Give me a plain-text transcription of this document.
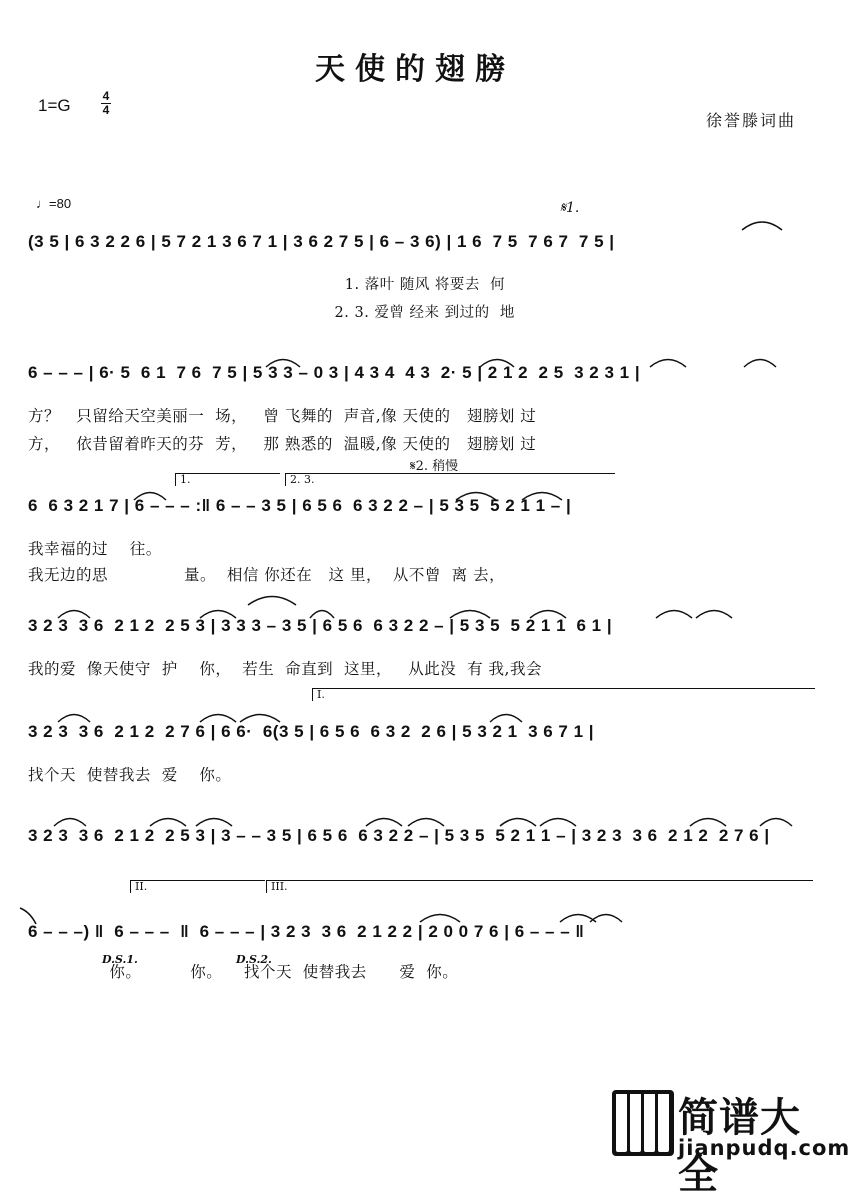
天使的翅膀
1=G	4
4
徐誉滕词曲
♩=80	𝄋1.
𝄋2. 稍慢
(3 5 | 6 3 2 2 6 | 5 7 2 1 3 6 7 1 | 3 6 2 7 5 | 6 – 3 6) | 1 6  7 5  7 6 7  7 5 |
1. 落叶 随风 将要去  何
2. 3. 爱曾 经来 到过的  地
6 – – – | 6· 5  6 1  7 6  7 5 | 5 3 3 – 0 3 | 4 3 4  4 3  2· 5 | 2 1 2  2 5  3 2 3 1 |
方？   只留给天空美丽一  场，   曾 飞舞的  声音,像 天使的   翅膀划 过
方，   依昔留着昨天的芬  芳，   那 熟悉的  温暖,像 天使的   翅膀划 过
1.	2. 3.
6  6 3 2 1 7 | 6 – – – :‖ 6 – – 3 5 | 6 5 6  6 3 2 2 – | 5 3 5  5 2 1 1 – |
我幸福的过    往。
我无边的思              量。  相信 你还在   这 里，  从不曾  离 去，
3 2 3  3 6  2 1 2  2 5 3 | 3 3 3 – 3 5 | 6 5 6  6 3 2 2 – | 5 3 5  5 2 1 1  6 1 |
我的爱  像天使守  护    你，  若生  命直到  这里，   从此没  有 我,我会
I.
3 2 3  3 6  2 1 2  2 7 6 | 6 6·  6(3 5 | 6 5 6  6 3 2  2 6 | 5 3 2 1  3 6 7 1 |
找个天  使替我去  爱    你。
3 2 3  3 6  2 1 2  2 5 3 | 3 – – 3 5 | 6 5 6  6 3 2 2 – | 5 3 5  5 2 1 1 – | 3 2 3  3 6  2 1 2  2 7 6 |
II.	III.
6 – – –) ‖  6 – – –  ‖  6 – – – | 3 2 3  3 6  2 1 2 2 | 2 0 0 7 6 | 6 – – – ‖
D.S.1.	D.S.2.
你。         你。    找个天  使替我去      爱  你。
简谱大全
jianpudq.com
